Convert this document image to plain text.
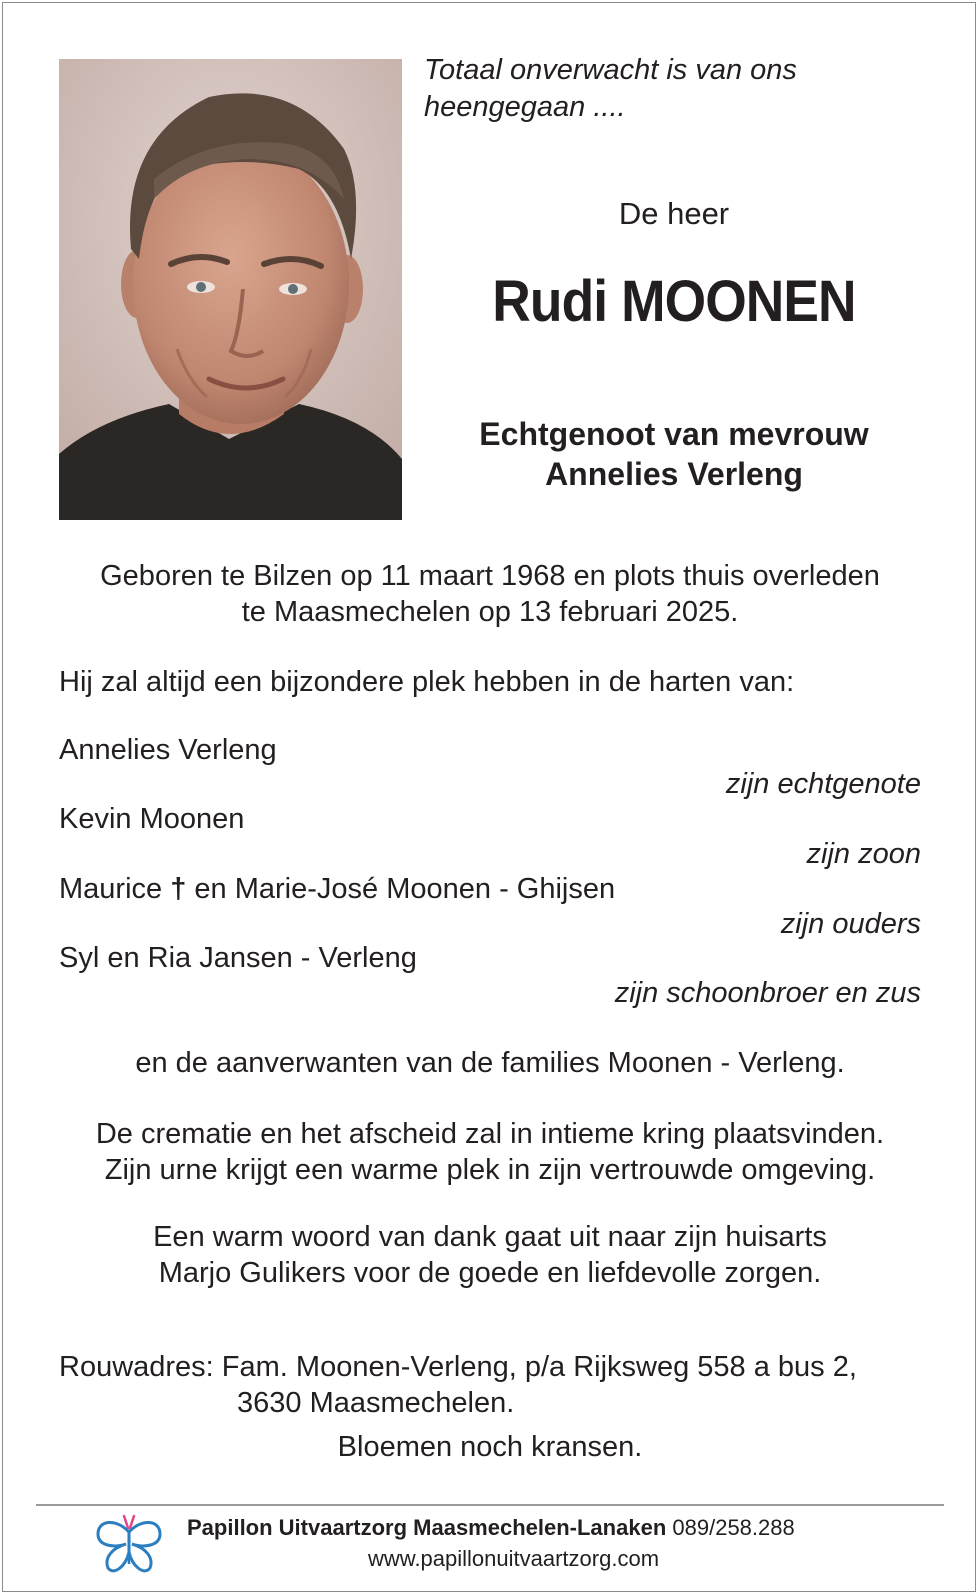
Totaal onverwacht is van ons
heengegaan ....
De heer
Rudi MOONEN
Echtgenoot van mevrouw
Annelies Verleng
Geboren te Bilzen op 11 maart 1968 en plots thuis overleden
te Maasmechelen op 13 februari 2025.
Hij zal altijd een bijzondere plek hebben in de harten van:
Annelies Verleng
zijn echtgenote
Kevin Moonen
zijn zoon
Maurice † en Marie-José Moonen - Ghijsen
zijn ouders
Syl en Ria Jansen - Verleng
zijn schoonbroer en zus
en de aanverwanten van de families Moonen - Verleng.
De crematie en het afscheid zal in intieme kring plaatsvinden.
Zijn urne krijgt een warme plek in zijn vertrouwde omgeving.
Een warm woord van dank gaat uit naar zijn huisarts
Marjo Gulikers voor de goede en liefdevolle zorgen.
Rouwadres: Fam. Moonen-Verleng, p/a Rijksweg 558 a bus 2,
3630 Maasmechelen.
Bloemen noch kransen.
Papillon Uitvaartzorg Maasmechelen-Lanaken 089/258.288
www.papillonuitvaartzorg.com
